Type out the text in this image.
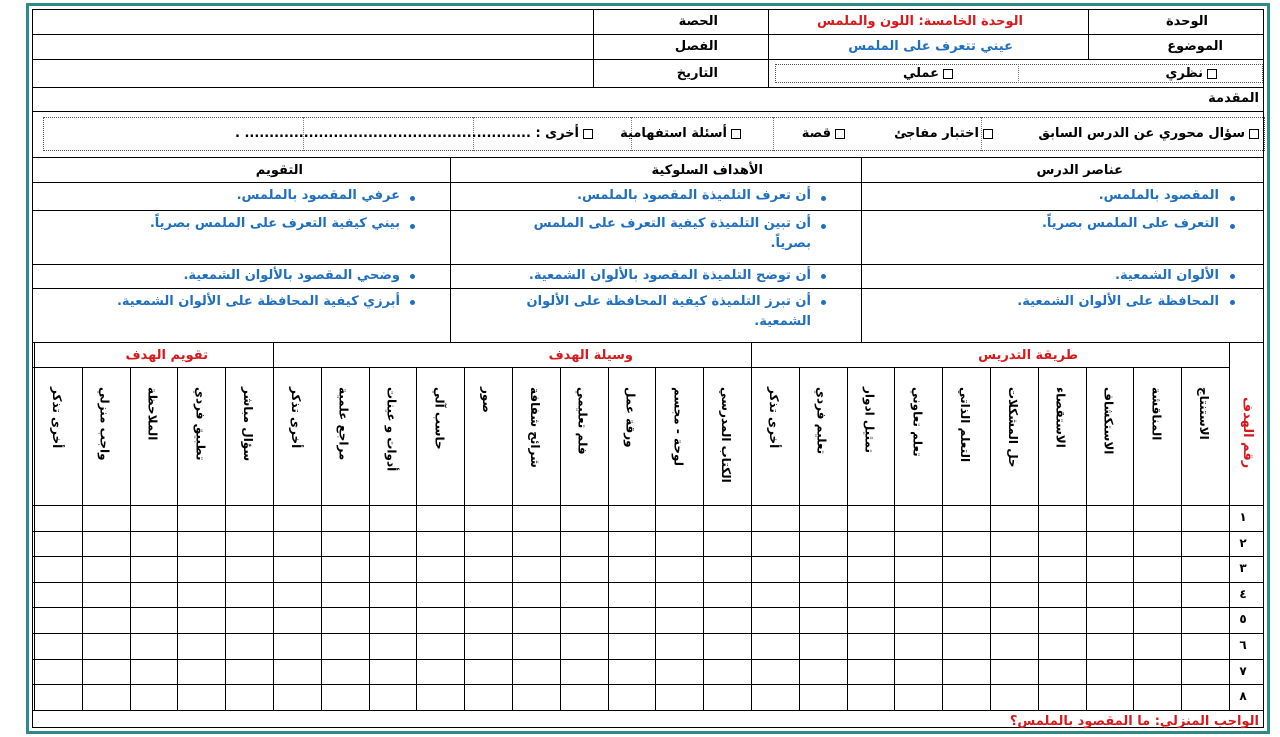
الوحدة
الوحدة الخامسة: اللون والملمس
الحصة
الموضوع
عيني تتعرف على الملمس
الفصل
نظري
عملي
التاريخ
المقدمة
سؤال محوري عن الدرس السابق
اختبار مفاجئ
قصة
أسئلة استفهامية
أخرى : .......................................................... .
عناصر الدرس
الأهداف السلوكية
التقويم
المقصود بالملمس.
أن تعرف التلميذة المقصود بالملمس.
عرفي المقصود بالملمس.
التعرف على الملمس بصرياً.
أن تبين التلميذة كيفية التعرف على الملمس بصرياً.
بيني كيفية التعرف على الملمس بصرياً.
الألوان الشمعية.
أن توضح التلميذة المقصود بالألوان الشمعية.
وضحي المقصود بالألوان الشمعية.
المحافظة على الألوان الشمعية.
أن تبرز التلميذة كيفية المحافظة على الألوان الشمعية.
أبرزي كيفية المحافظة على الألوان الشمعية.
رقم الهدف
الاستنتاج
المناقشة
الاستكشاف
الاستقصاء
حل المشكلات
التعلم الذاتي
تعلم تعاوني
تمثيل ادوار
تعليم فردي
أخرى تذكر
الكتاب المدرسي
لوحة - مجسم
ورقة عمل
فلم تعليمي
شرائح شفافة
صور
حاسب آلي
أدوات و عينات
مراجع علمية
أخرى تذكر
سؤال مباشر
تطبيق فردي
الملاحظة
واجب منزلي
أخرى تذكر
١
٢
٣
٤
٥
٦
٧
٨
طريقة التدريس
وسيلة الهدف
تقويم الهدف
الواجب المنزلي: ما المقصود بالملمس؟
